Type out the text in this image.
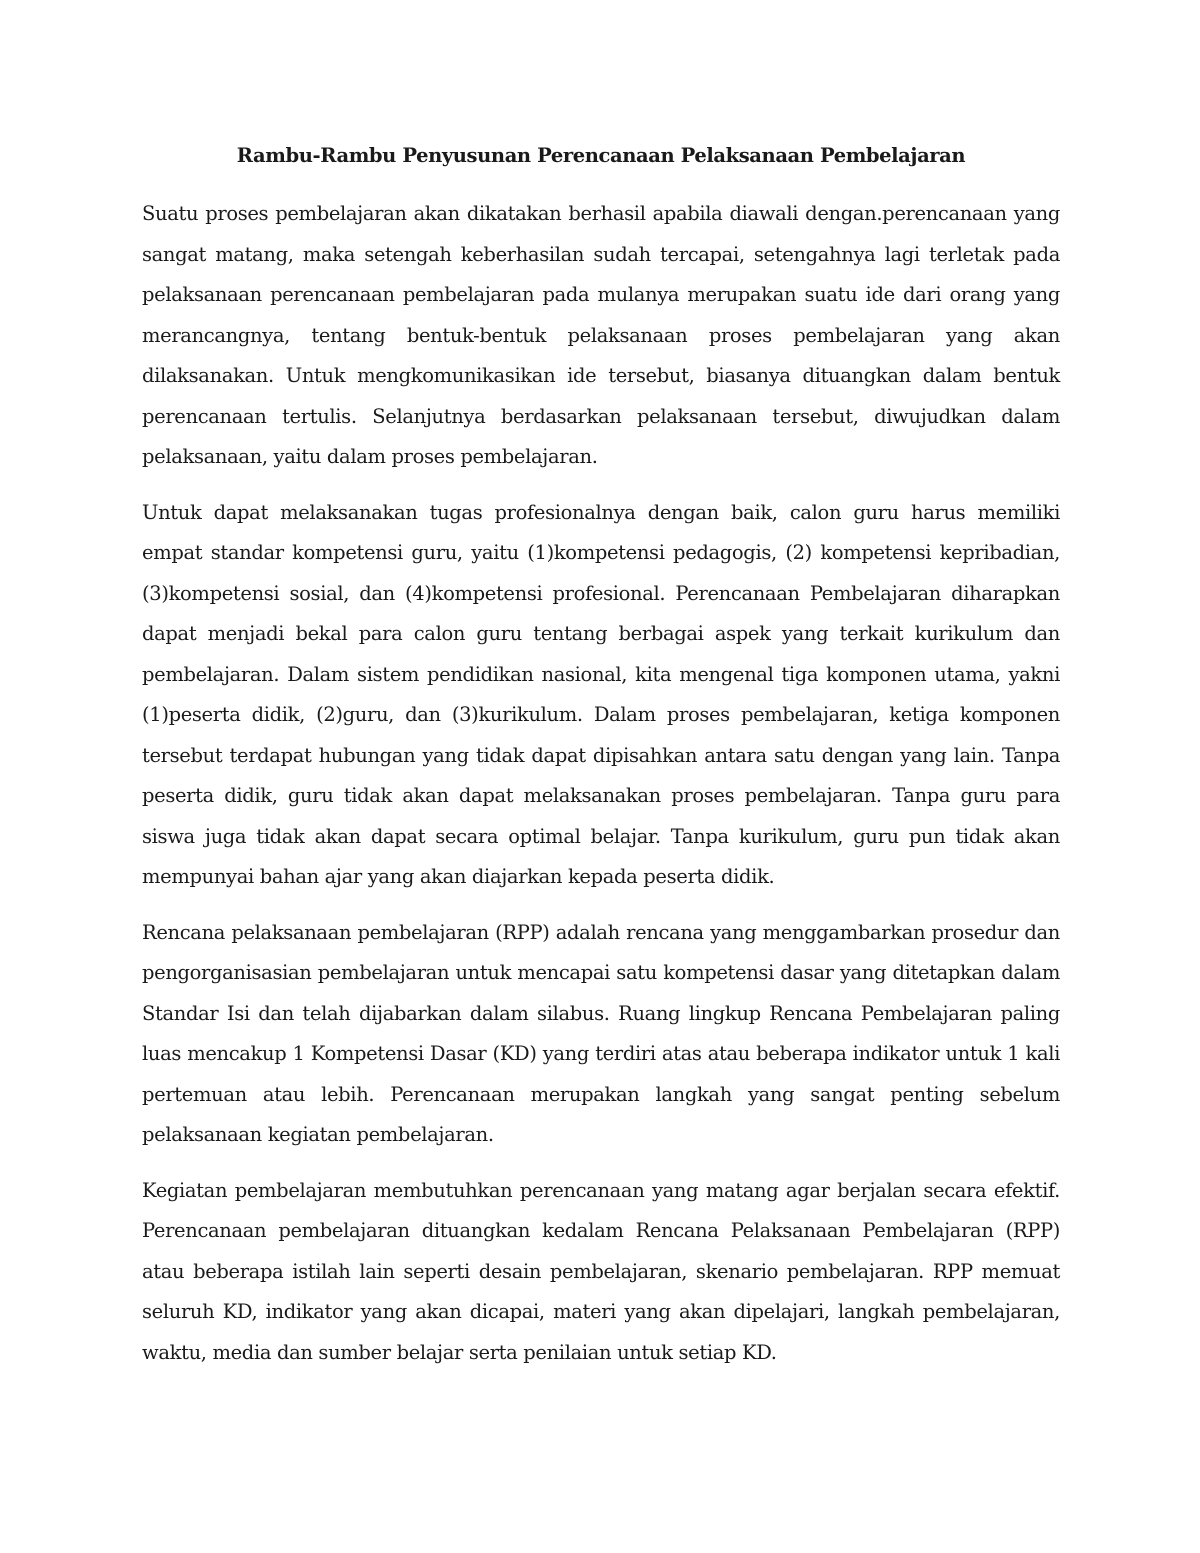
Rambu-Rambu Penyusunan Perencanaan Pelaksanaan Pembelajaran

Suatu proses pembelajaran akan dikatakan berhasil apabila diawali dengan.perencanaan yang sangat matang, maka setengah keberhasilan sudah tercapai, setengahnya lagi terletak pada pelaksanaan perencanaan pembelajaran pada mulanya merupakan suatu ide dari orang yang merancangnya, tentang bentuk-bentuk pelaksanaan proses pembelajaran yang akan dilaksanakan. Untuk mengkomunikasikan ide tersebut, biasanya dituangkan dalam bentuk perencanaan tertulis. Selanjutnya berdasarkan pelaksanaan tersebut, diwujudkan dalam pelaksanaan, yaitu dalam proses pembelajaran.

Untuk dapat melaksanakan tugas profesionalnya dengan baik, calon guru harus memiliki empat standar kompetensi guru, yaitu (1)kompetensi pedagogis, (2) kompetensi kepribadian, (3)kompetensi sosial, dan (4)kompetensi profesional. Perencanaan Pembelajaran diharapkan dapat menjadi bekal para calon guru tentang berbagai aspek yang terkait kurikulum dan pembelajaran. Dalam sistem pendidikan nasional, kita mengenal tiga komponen utama, yakni (1)peserta didik, (2)guru, dan (3)kurikulum. Dalam proses pembelajaran, ketiga komponen tersebut terdapat hubungan yang tidak dapat dipisahkan antara satu dengan yang lain. Tanpa peserta didik, guru tidak akan dapat melaksanakan proses pembelajaran. Tanpa guru para siswa juga tidak akan dapat secara optimal belajar. Tanpa kurikulum, guru pun tidak akan mempunyai bahan ajar yang akan diajarkan kepada peserta didik.

Rencana pelaksanaan pembelajaran (RPP) adalah rencana yang menggambarkan prosedur dan pengorganisasian pembelajaran untuk mencapai satu kompetensi dasar yang ditetapkan dalam Standar Isi dan telah dijabarkan dalam silabus. Ruang lingkup Rencana Pembelajaran paling luas mencakup 1 Kompetensi Dasar (KD) yang terdiri atas atau beberapa indikator untuk 1 kali pertemuan atau lebih. Perencanaan merupakan langkah yang sangat penting sebelum pelaksanaan kegiatan pembelajaran.

Kegiatan pembelajaran membutuhkan perencanaan yang matang agar berjalan secara efektif. Perencanaan pembelajaran dituangkan kedalam Rencana Pelaksanaan Pembelajaran (RPP) atau beberapa istilah lain seperti desain pembelajaran, skenario pembelajaran. RPP memuat seluruh KD, indikator yang akan dicapai, materi yang akan dipelajari, langkah pembelajaran, waktu, media dan sumber belajar serta penilaian untuk setiap KD.
